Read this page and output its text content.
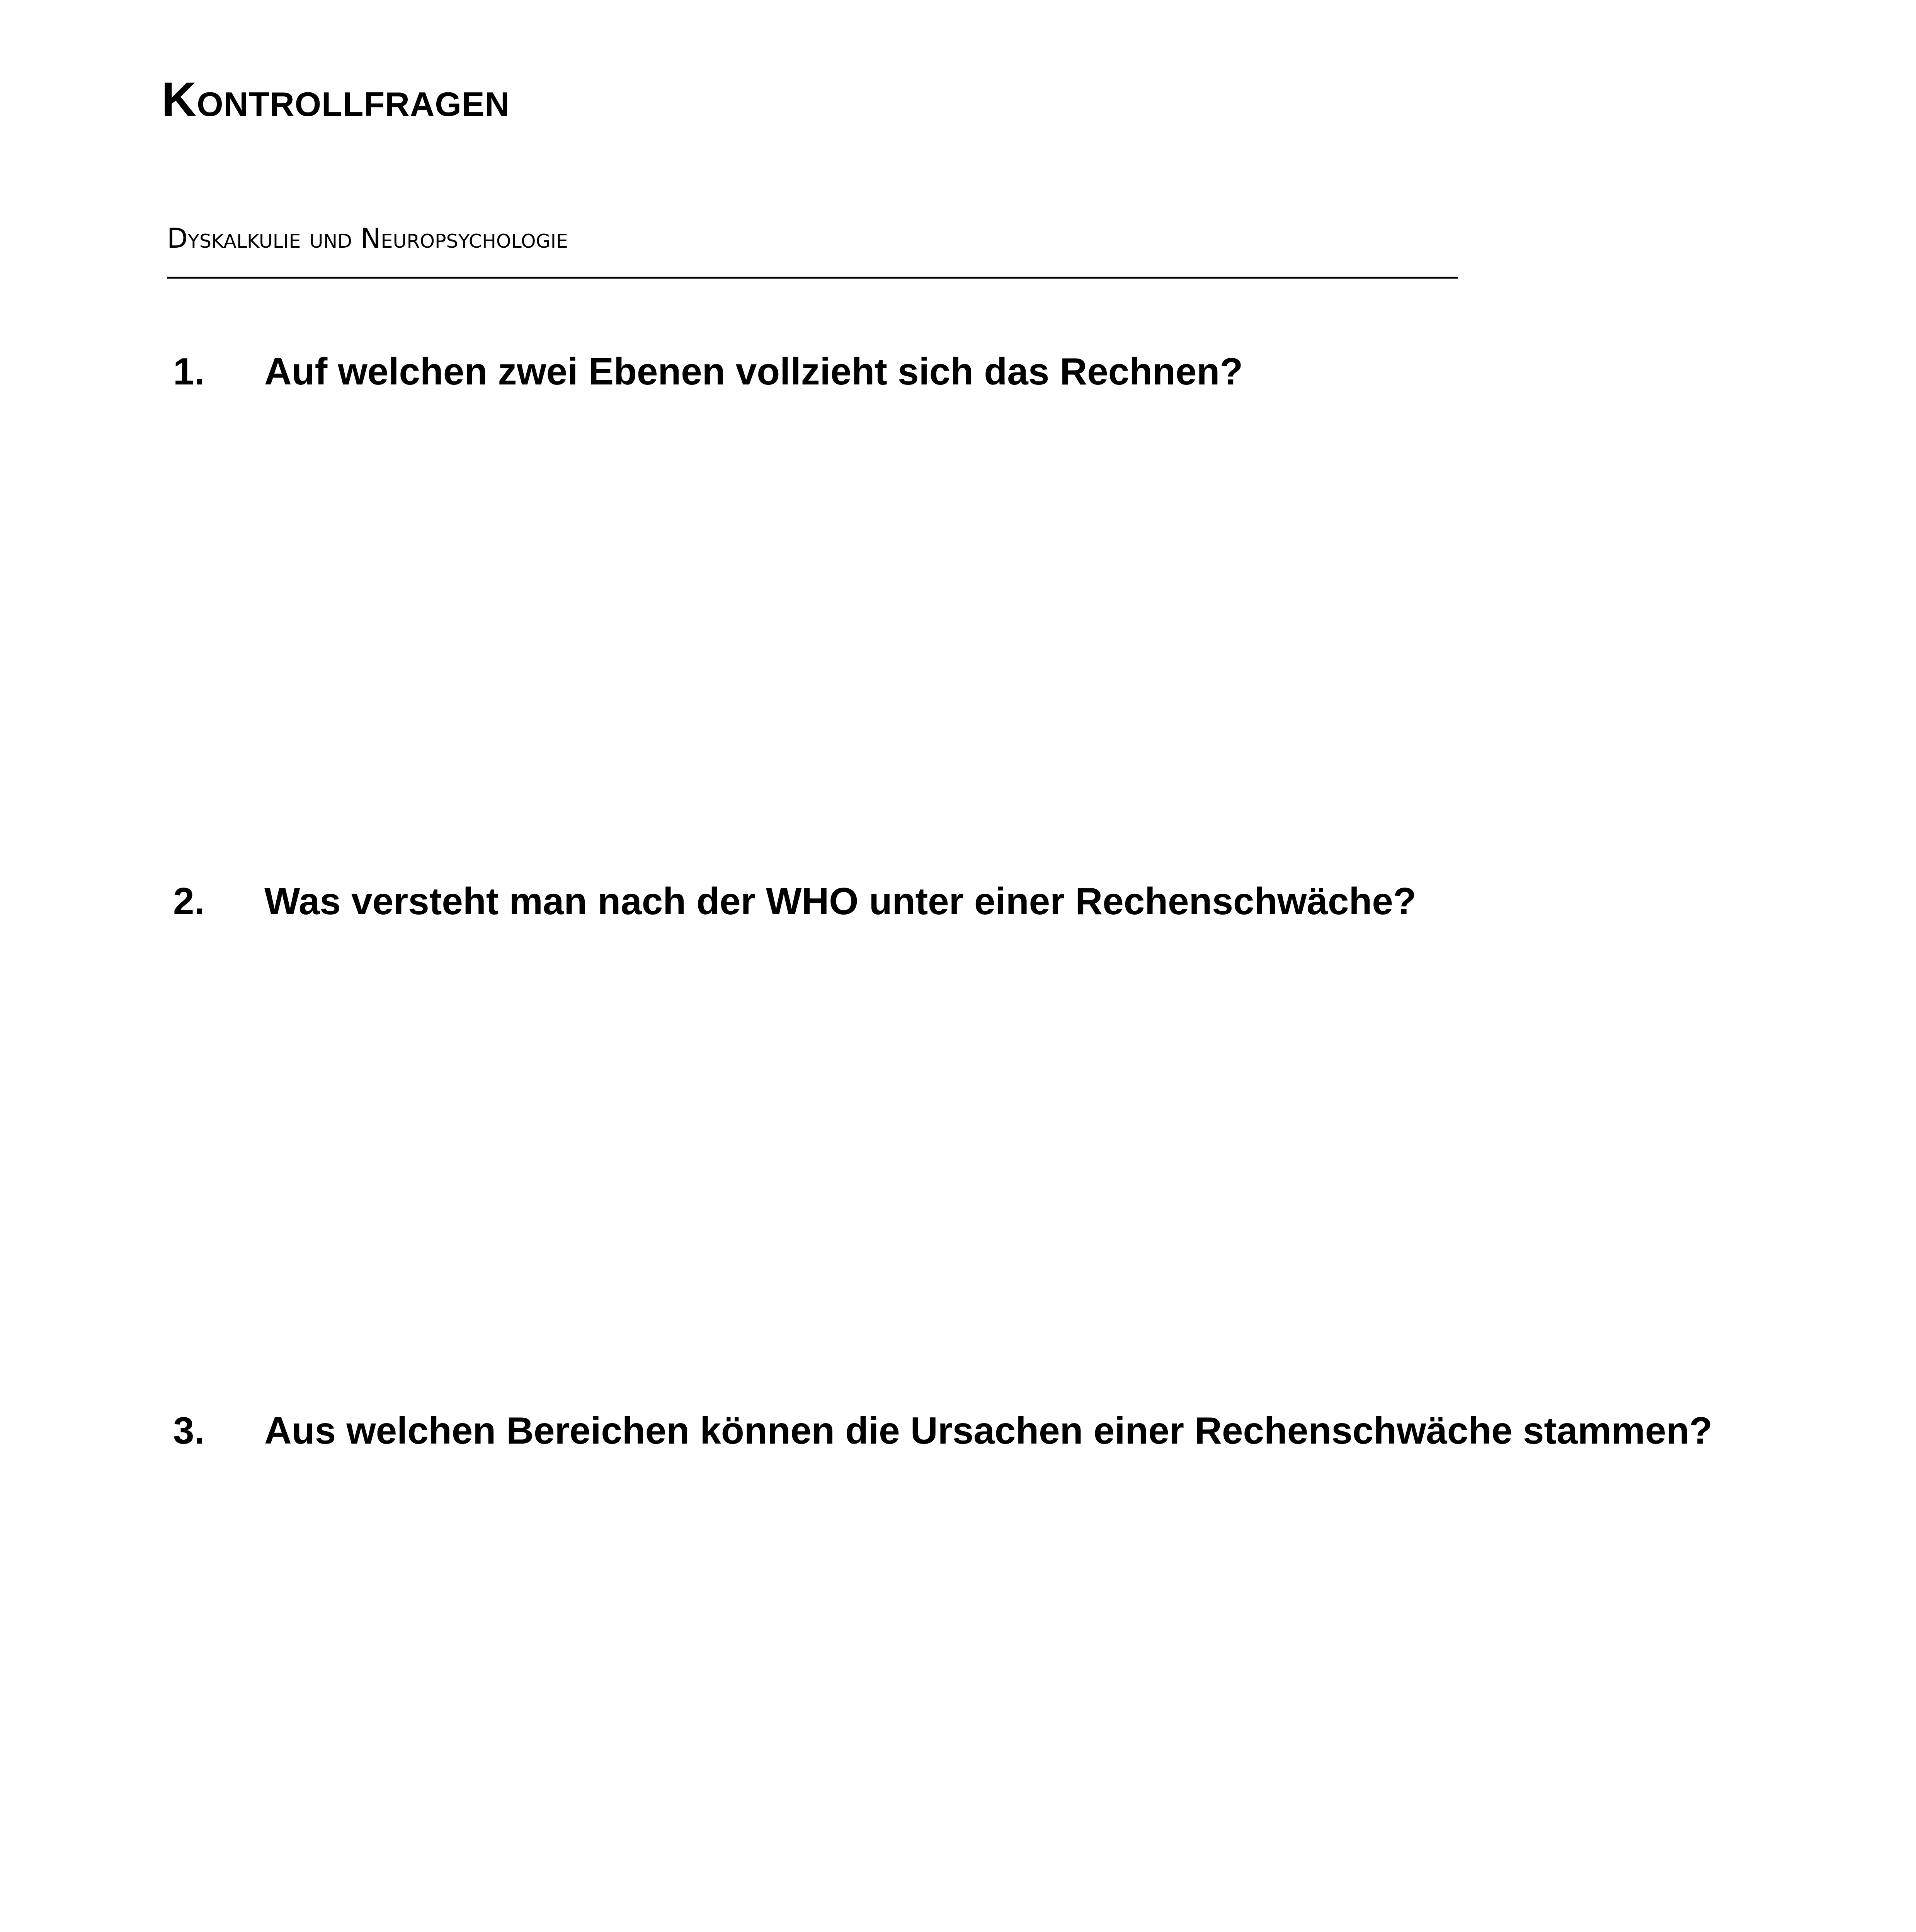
Kontrollfragen
Dyskalkulie und Neuropsychologie
1. Auf welchen zwei Ebenen vollzieht sich das Rechnen?
2. Was versteht man nach der WHO unter einer Rechenschwäche?
3. Aus welchen Bereichen können die Ursachen einer Rechenschwäche stammen?
